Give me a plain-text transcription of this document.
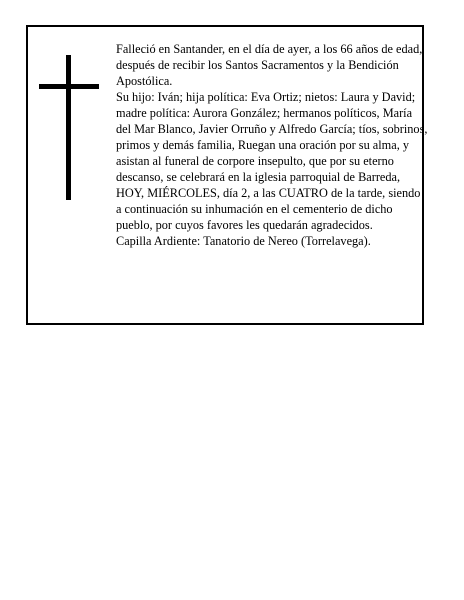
Falleció en Santander, en el día de ayer, a los 66 años de edad, después de recibir los Santos Sacramentos y la Bendición Apostólica.

Su hijo: Iván; hija política: Eva Ortiz; nietos: Laura y David; madre política: Aurora González; hermanos políticos, María del Mar Blanco, Javier Orruño y Alfredo García; tíos, sobrinos, primos y demás familia, Ruegan una oración por su alma, y asistan al funeral de corpore insepulto, que por su eterno descanso, se celebrará en la iglesia parroquial de Barreda, HOY, MIÉRCOLES, día 2, a las CUATRO de la tarde, siendo a continuación su inhumación en el cementerio de dicho pueblo, por cuyos favores les quedarán agradecidos.

Capilla Ardiente: Tanatorio de Nereo (Torrelavega).
